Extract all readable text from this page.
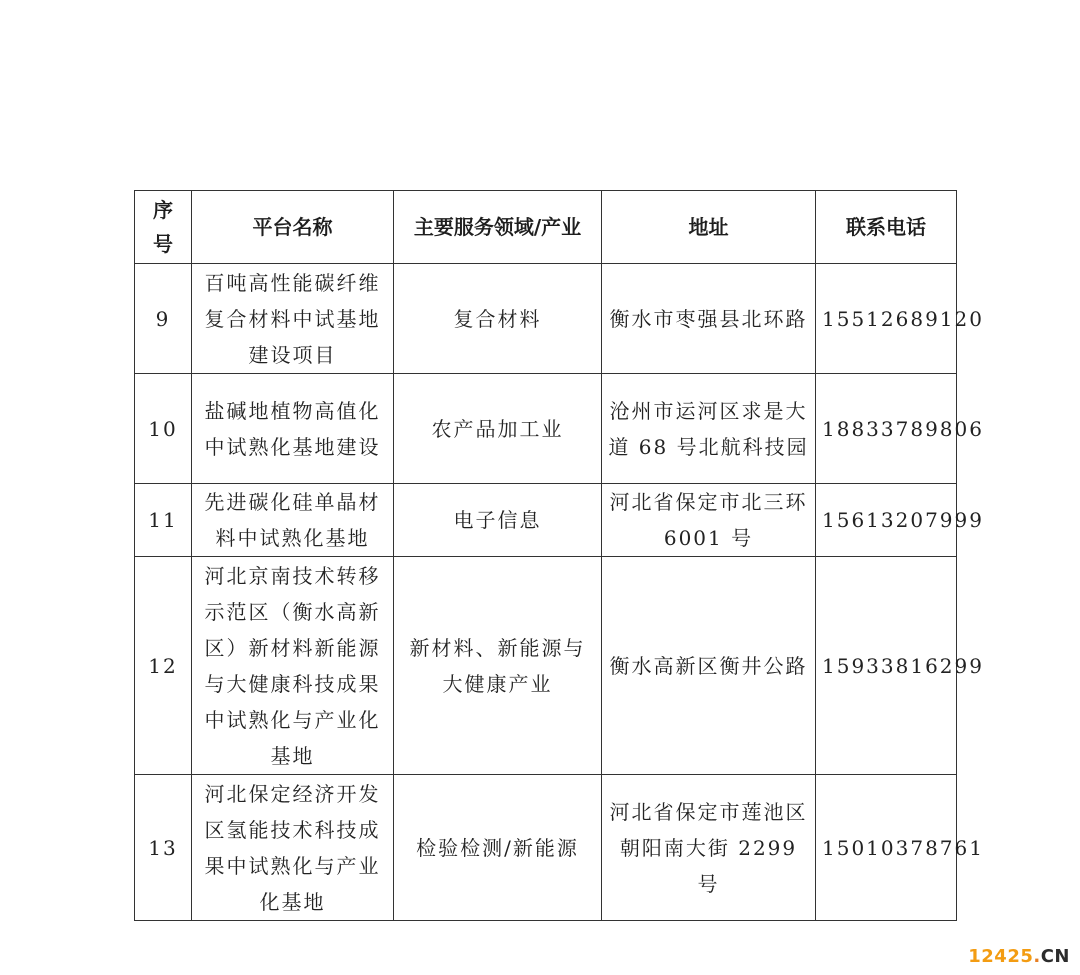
序号	平台名称	主要服务领域/产业	地址	联系电话
9	百吨高性能碳纤维复合材料中试基地建设项目	复合材料	衡水市枣强县北环路	15512689120
10	盐碱地植物高值化中试熟化基地建设	农产品加工业	沧州市运河区求是大道 68 号北航科技园	18833789806
11	先进碳化硅单晶材料中试熟化基地	电子信息	河北省保定市北三环 6001 号	15613207999
12	河北京南技术转移示范区（衡水高新区）新材料新能源与大健康科技成果中试熟化与产业化基地	新材料、新能源与大健康产业	衡水高新区衡井公路	15933816299
13	河北保定经济开发区氢能技术科技成果中试熟化与产业化基地	检验检测/新能源	河北省保定市莲池区朝阳南大街 2299 号	15010378761
12425.CN
